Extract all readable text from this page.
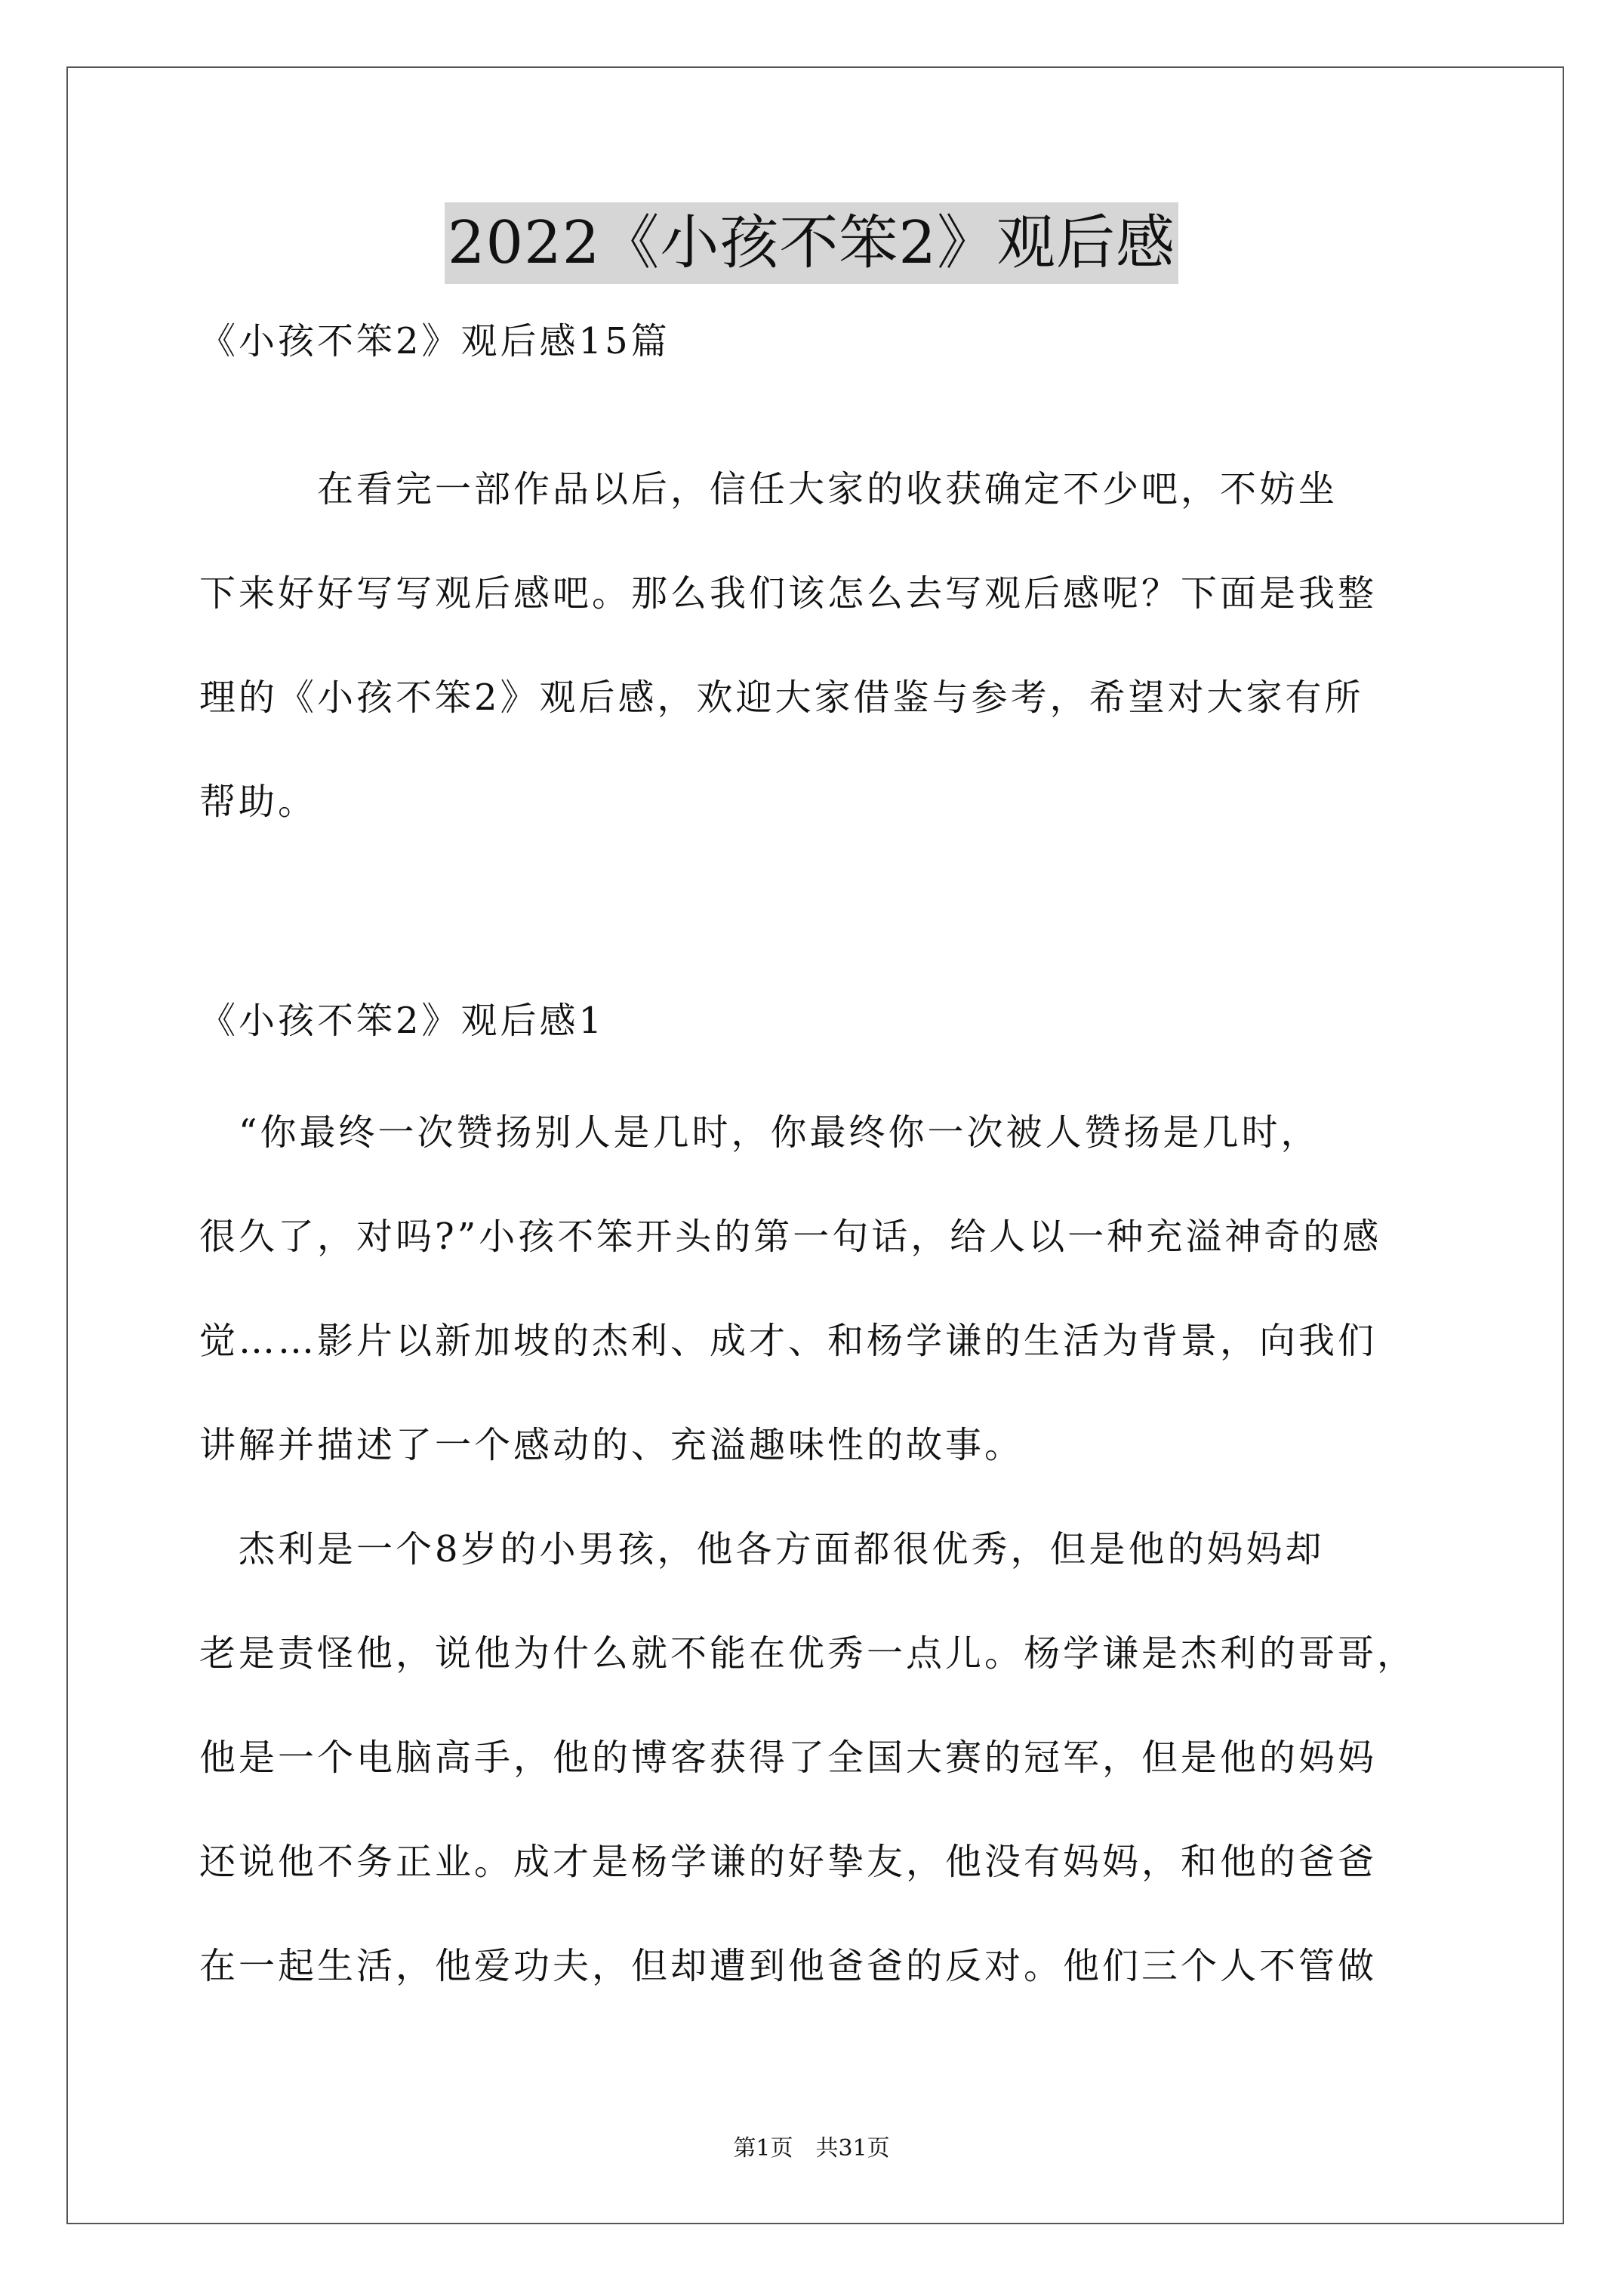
2022《小孩不笨2》观后感
《小孩不笨2》观后感15篇
　　　在看完一部作品以后，信任大家的收获确定不少吧，不妨坐
下来好好写写观后感吧。那么我们该怎么去写观后感呢？下面是我整
理的《小孩不笨2》观后感，欢迎大家借鉴与参考，希望对大家有所
帮助。
《小孩不笨2》观后感1
　“你最终一次赞扬别人是几时，你最终你一次被人赞扬是几时，
很久了，对吗?”小孩不笨开头的第一句话，给人以一种充溢神奇的感
觉……影片以新加坡的杰利、成才、和杨学谦的生活为背景，向我们
讲解并描述了一个感动的、充溢趣味性的故事。
　杰利是一个8岁的小男孩，他各方面都很优秀，但是他的妈妈却
老是责怪他，说他为什么就不能在优秀一点儿。杨学谦是杰利的哥哥，
他是一个电脑高手，他的博客获得了全国大赛的冠军，但是他的妈妈
还说他不务正业。成才是杨学谦的好挚友，他没有妈妈，和他的爸爸
在一起生活，他爱功夫，但却遭到他爸爸的反对。他们三个人不管做
第1页　共31页
